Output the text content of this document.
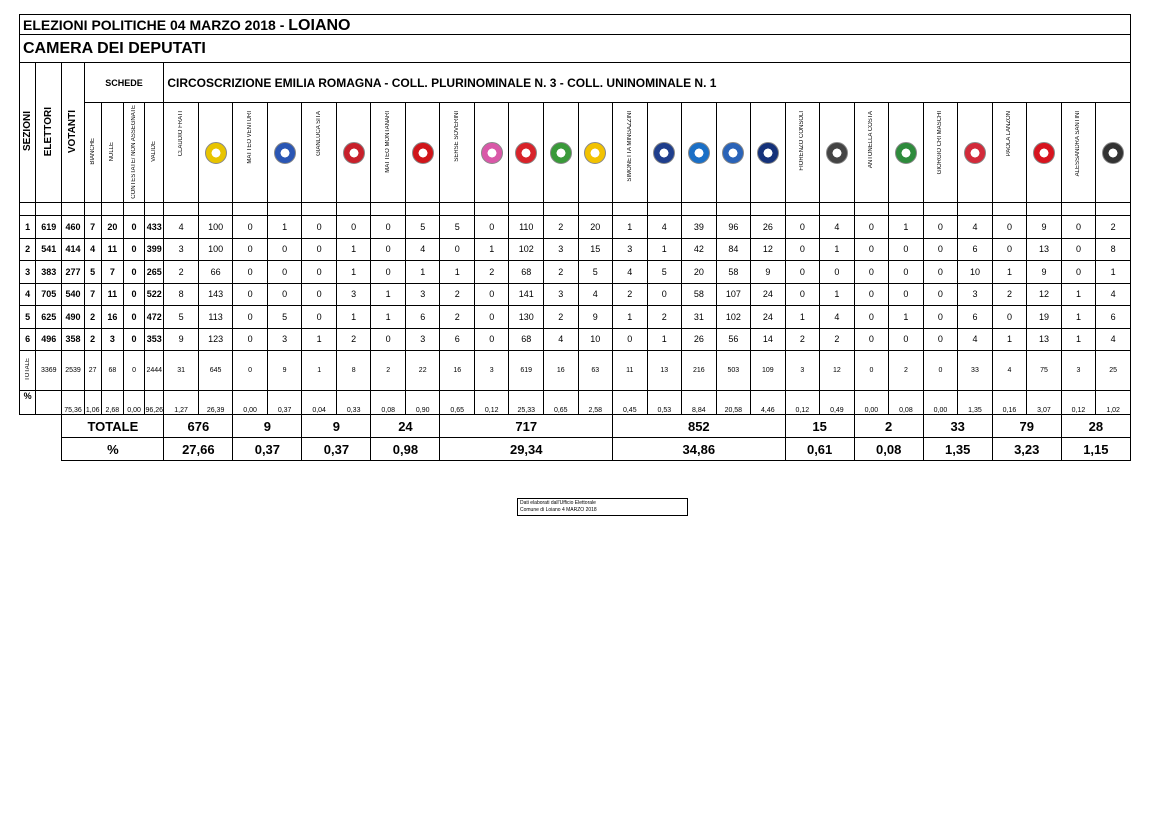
ELEZIONI POLITICHE 04 MARZO 2018 - LOIANO
CAMERA DEI DEPUTATI
SEZIONI	ELETTORI	VOTANTI	SCHEDE				CIRCOSCRIZIONE EMILIA ROMAGNA - COLL. PLURINOMINALE N. 3 - COLL. UNINOMINALE N. 1																											
			BIANCHE	NULLE	CONTESTATE/ NON ASSEGNATE	VALIDE	CLAUDIO FRATI		MATTEO VENTURI		GIANLUCA SITA		MATTEO MONTANARI		SERSE SOVERINI					SIMONETTA MINGAZZINI					FIORENZO CONSOLI		ANTONELLA COSTA		GIORGIO CRI MASCHI		PAOLA LANZON		ALESSANDRA SANTINI	

1	619	460	7	20	0	433	4	100	0	1	0	0	0	5	5	0	110	2	20	1	4	39	96	26	0	4	0	1	0	4	0	9	0	2
2	541	414	4	11	0	399	3	100	0	0	0	1	0	4	0	1	102	3	15	3	1	42	84	12	0	1	0	0	0	6	0	13	0	8
3	383	277	5	7	0	265	2	66	0	0	0	1	0	1	1	2	68	2	5	4	5	20	58	9	0	0	0	0	0	10	1	9	0	1
4	705	540	7	11	0	522	8	143	0	0	0	3	1	3	2	0	141	3	4	2	0	58	107	24	0	1	0	0	0	3	2	12	1	4
5	625	490	2	16	0	472	5	113	0	5	0	1	1	6	2	0	130	2	9	1	2	31	102	24	1	4	0	1	0	6	0	19	1	6
6	496	358	2	3	0	353	9	123	0	3	1	2	0	3	6	0	68	4	10	0	1	26	56	14	2	2	0	0	0	4	1	13	1	4
TOTALE	3369	2539	27	68	0	2444	31	645	0	9	1	8	2	22	16	3	619	16	63	11	13	216	503	109	3	12	0	2	0	33	4	75	3	25
%		75,36	1,06	2,68	0,00	96,26	1,27	26,39	0,00	0,37	0,04	0,33	0,08	0,90	0,65	0,12	25,33	0,65	2,58	0,45	0,53	8,84	20,58	4,46	0,12	0,49	0,00	0,08	0,00	1,35	0,16	3,07	0,12	1,02
		TOTALE					676		9		9		24		717					852					15		2		33		79		28	
		%					27,66		0,37		0,37		0,98		29,34					34,86					0,61		0,08		1,35		3,23		1,15	
Dati elaborati dall'Ufficio Elettorale
Comune di Loiano 4 MARZO 2018
